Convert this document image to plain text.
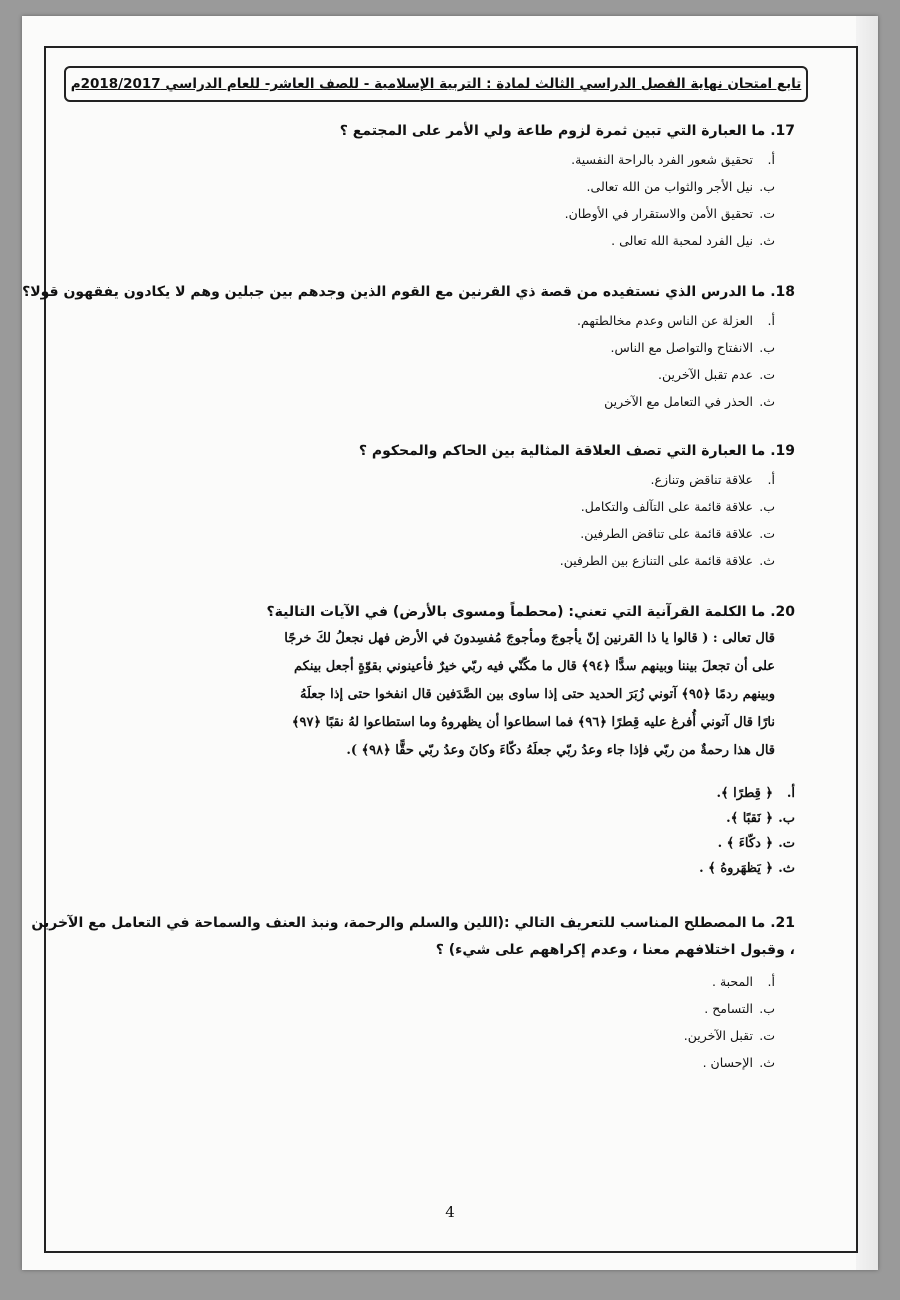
تابع امتحان نهاية الفصل الدراسي الثالث لمادة : التربية الإسلامية - للصف العاشر- للعام الدراسي 2018/2017م
17. ما العبارة التي تبين ثمرة لزوم طاعة ولي الأمر على المجتمع ؟
أ.تحقيق شعور الفرد بالراحة النفسية.
ب.نيل الأجر والثواب من الله تعالى.
ت.تحقيق الأمن والاستقرار في الأوطان.
ث.نيل الفرد لمحبة الله تعالى .
18. ما الدرس الذي نستفيده من قصة ذي القرنين مع القوم الذين وجدهم بين جبلين وهم لا يكادون يفقهون قولا؟
أ.العزلة عن الناس وعدم مخالطتهم.
ب.الانفتاح والتواصل مع الناس.
ت.عدم تقبل الآخرين.
ث.الحذر في التعامل مع الآخرين
19. ما العبارة التي تصف العلاقة المثالية بين الحاكم والمحكوم ؟
أ.علاقة تناقض وتنازع.
ب.علاقة قائمة على التآلف والتكامل.
ت.علاقة قائمة على تناقض الطرفين.
ث.علاقة قائمة على التنازع بين الطرفين.
20. ما الكلمة القرآنية التي تعني: (محطماً ومسوى بالأرض) في الآيات التالية؟
قال تعالى : ( قالوا يا ذا القرنين إنّ يأجوجَ ومأجوجَ مُفسِدونَ في الأرض فهل نجعلُ لكَ خرجًا
على أن تجعلَ بيننا وبينهم سدًّا ﴿٩٤﴾ قال ما مكّنّي فيه ربّي خيرٌ فأعينوني بقوّةٍ أجعل بينكم
وبينهم ردمًا ﴿٩٥﴾ آتوني زُبَرَ الحديد حتى إذا ساوى بين الصَّدَفين قال انفخوا حتى إذا جعلَهُ
نارًا قال آتوني أُفرغ عليه قِطرًا ﴿٩٦﴾ فما اسطاعوا أن يظهروهُ وما استطاعوا لهُ نقبًا ﴿٩٧﴾
قال هذا رحمةٌ من ربّي فإذا جاء وعدُ ربّي جعلَهُ دكّاءَ وكانَ وعدُ ربّي حقًّا ﴿٩٨﴾ ).
أ.﴿ قِطرًا ﴾.
ب.﴿ نَقبًا ﴾.
ت.﴿ دكّاءَ ﴾ .
ث.﴿ يَظهَروهُ ﴾ .
21. ما المصطلح المناسب للتعريف التالي :(اللين والسلم والرحمة، ونبذ العنف والسماحة في التعامل مع الآخرين ، وقبول اختلافهم معنا ، وعدم إكراههم على شيء) ؟
أ.المحبة .
ب.التسامح .
ت.تقبل الآخرين.
ث.الإحسان .
4
